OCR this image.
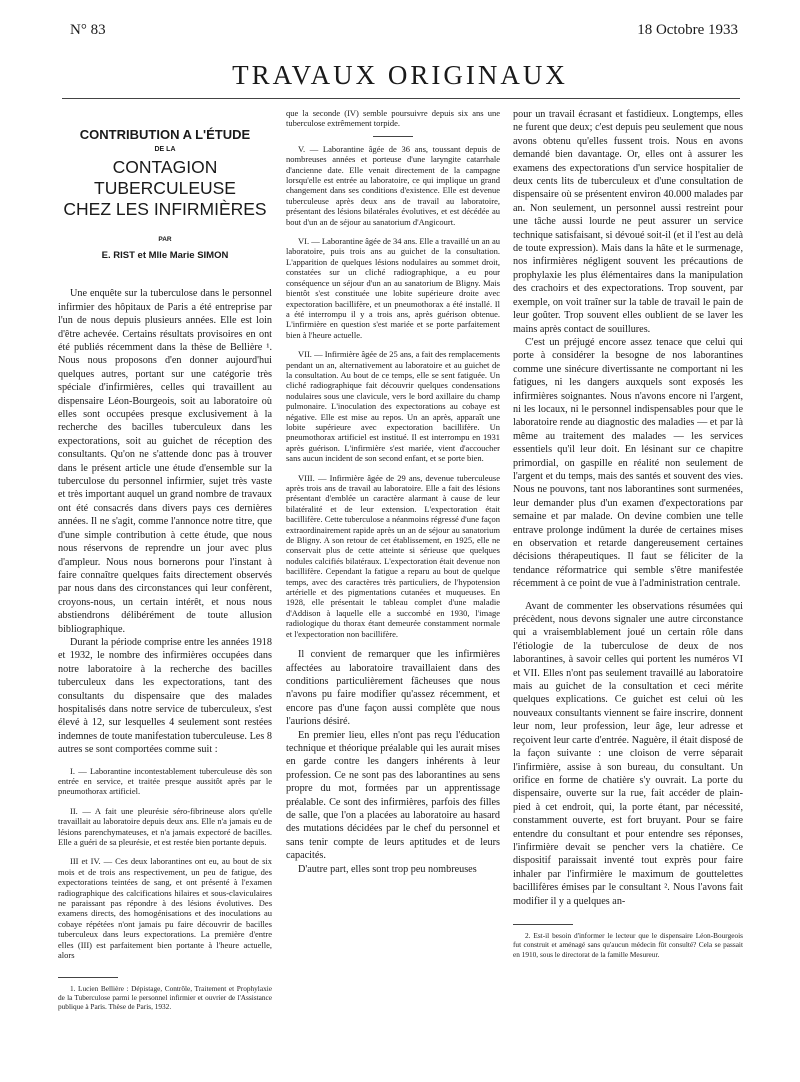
N° 83	18 Octobre 1933
TRAVAUX ORIGINAUX
CONTRIBUTION A L'ÉTUDE
DE LA
CONTAGION TUBERCULEUSE
CHEZ LES INFIRMIÈRES
PAR
E. RIST et Mlle Marie SIMON

Une enquête sur la tuberculose dans le personnel infirmier des hôpitaux de Paris a été entreprise par l'un de nous depuis plusieurs années. Elle est loin d'être achevée. Certains résultats provisoires en ont été publiés récemment dans la thèse de Bellière ¹. Nous nous proposons d'en donner aujourd'hui quelques autres, portant sur une catégorie très spéciale d'infirmières, celles qui travaillent au dispensaire Léon-Bourgeois, soit au laboratoire où elles sont occupées presque exclusivement à la recherche des bacilles tuberculeux dans les expectorations, soit au guichet de réception des consultants. Qu'on ne s'attende donc pas à trouver dans le présent article une étude d'ensemble sur la tuberculose du personnel infirmier, sujet très vaste et très important auquel un grand nombre de travaux ont été consacrés dans divers pays ces dernières années. Il ne s'agit, comme l'annonce notre titre, que d'une simple contribution à cette étude, que nous nous réservons de reprendre un jour avec plus d'ampleur. Nous nous bornerons pour l'instant à faire connaître quelques faits directement observés par nous dans des circonstances qui leur confèrent, croyons-nous, un certain intérêt, et nous nous abstiendrons délibérément de toute allusion bibliographique.

Durant la période comprise entre les années 1918 et 1932, le nombre des infirmières occupées dans notre laboratoire à la recherche des bacilles tuberculeux dans les expectorations, tant des consultants du dispensaire que des malades hospitalisés dans notre service de tuberculeux, s'est élevé à 12, sur lesquelles 4 seulement sont restées indemnes de toute manifestation tuberculeuse. Les 8 autres se sont comportées comme suit :

I. — Laborantine incontestablement tuberculeuse dès son entrée en service, et traitée presque aussitôt après par le pneumothorax artificiel.

II. — A fait une pleurésie séro-fibrineuse alors qu'elle travaillait au laboratoire depuis deux ans. Elle n'a jamais eu de lésions parenchymateuses, et n'a jamais expectoré de bacilles. Elle a guéri de sa pleurésie, et est restée bien portante depuis.

III et IV. — Ces deux laborantines ont eu, au bout de six mois et de trois ans respectivement, un peu de fatigue, des expectorations teintées de sang, et ont présenté à l'examen radiographique des calcifications hilaires et sous-claviculaires ne paraissant pas répondre à des lésions évolutives. Des examens directs, des homogénisations et des inoculations au cobaye répétées n'ont jamais pu faire découvrir de bacilles tuberculeux dans leurs expectorations. La première d'entre elles (III) est parfaitement bien portante à l'heure actuelle, alors

1. Lucien Bellière : Dépistage, Contrôle, Traitement et Prophylaxie de la Tuberculose parmi le personnel infirmier et ouvrier de l'Assistance publique à Paris. Thèse de Paris, 1932.

que la seconde (IV) semble poursuivre depuis six ans une tuberculose extrêmement torpide.

V. — Laborantine âgée de 36 ans, toussant depuis de nombreuses années et porteuse d'une laryngite catarrhale d'ancienne date. Elle venait directement de la campagne lorsqu'elle est entrée au laboratoire, ce qui implique un grand changement dans ses conditions d'existence. Elle est devenue tuberculeuse après deux ans de travail au laboratoire, présentant des lésions bilatérales évolutives, et est décédée au bout d'un an de séjour au sanatorium d'Angicourt.

VI. — Laborantine âgée de 34 ans. Elle a travaillé un an au laboratoire, puis trois ans au guichet de la consultation. L'apparition de quelques lésions nodulaires au sommet droit, constatées sur un cliché radiographique, a eu pour conséquence un séjour d'un an au sanatorium de Bligny. Mais bientôt s'est constituée une lobite supérieure droite avec expectoration bacillifère, et un pneumothorax a été installé. Il a été interrompu il y a trois ans, après guérison obtenue. L'infirmière en question s'est mariée et se porte parfaitement bien à l'heure actuelle.

VII. — Infirmière âgée de 25 ans, a fait des remplacements pendant un an, alternativement au laboratoire et au guichet de la consultation. Au bout de ce temps, elle se sent fatiguée. Un cliché radiographique fait découvrir quelques condensations nodulaires sous une clavicule, vers le bord axillaire du champ pulmonaire. L'inoculation des expectorations au cobaye est négative. Elle est mise au repos. Un an après, apparaît une lobite supérieure avec expectoration bacillifère. Un pneumothorax artificiel est institué. Il est interrompu en 1931 après guérison. L'infirmière s'est mariée, vient d'accoucher sans aucun incident de son second enfant, et se porte bien.

VIII. — Infirmière âgée de 29 ans, devenue tuberculeuse après trois ans de travail au laboratoire. Elle a fait des lésions présentant d'emblée un caractère alarmant à cause de leur bilatéralité et de leur extension. L'expectoration était bacillifère. Cette tuberculose a néanmoins régressé d'une façon extraordinairement rapide après un an de séjour au sanatorium de Bligny. A son retour de cet établissement, en 1925, elle ne conservait plus de cette atteinte si sérieuse que quelques nodules calcifiés bilatéraux. L'expectoration était devenue non bacillifère. Cependant la fatigue a reparu au bout de quelque temps, avec des caractères très particuliers, de l'hypotension artérielle et des pigmentations cutanées et muqueuses. En 1928, elle présentait le tableau complet d'une maladie d'Addison à laquelle elle a succombé en 1930, l'image radiologique du thorax étant demeurée constamment normale et l'expectoration non bacillifère.

Il convient de remarquer que les infirmières affectées au laboratoire travaillaient dans des conditions particulièrement fâcheuses que nous n'avons pu faire modifier qu'assez récemment, et encore pas d'une façon aussi complète que nous l'aurions désiré.

En premier lieu, elles n'ont pas reçu l'éducation technique et théorique préalable qui les aurait mises en garde contre les dangers inhérents à leur profession. Ce ne sont pas des laborantines au sens propre du mot, formées par un apprentissage préalable. Ce sont des infirmières, parfois des filles de salle, que l'on a placées au laboratoire au hasard des mutations décidées par le chef du personnel et sans tenir compte de leurs aptitudes et de leurs capacités.

D'autre part, elles sont trop peu nombreuses

pour un travail écrasant et fastidieux. Longtemps, elles ne furent que deux; c'est depuis peu seulement que nous avons obtenu qu'elles fussent trois. Nous en avons demandé bien davantage. Or, elles ont à assurer les examens des expectorations d'un service hospitalier de deux cents lits de tuberculeux et d'une consultation de dispensaire où se présentent environ 40.000 malades par an. Non seulement, un personnel aussi restreint pour une tâche aussi lourde ne peut assurer un service technique satisfaisant, si dévoué soit-il (et il l'est au delà de toute expression). Mais dans la hâte et le surmenage, nos infirmières négligent souvent les précautions de prophylaxie les plus élémentaires dans la manipulation des crachoirs et des expectorations. Trop souvent, par exemple, on voit traîner sur la table de travail le pain de leur goûter. Trop souvent elles oublient de se laver les mains après contact de souillures.

C'est un préjugé encore assez tenace que celui qui porte à considérer la besogne de nos laborantines comme une sinécure divertissante ne comportant ni les fatigues, ni les dangers auxquels sont exposés les infirmières soignantes. Nous n'avons encore ni l'argent, ni les locaux, ni le personnel indispensables pour que le laboratoire rende au diagnostic des maladies — et par là même au traitement des malades — les services essentiels qu'il leur doit. En lésinant sur ce chapitre primordial, on gaspille en réalité non seulement de l'argent et du temps, mais des santés et souvent des vies. Nous ne pouvons, tant nos laborantines sont surmenées, leur demander plus d'un examen d'expectorations par semaine et par malade. On devine combien une telle entrave prolonge indûment la durée de certaines mises en observation et retarde dangereusement certaines décisions thérapeutiques. Il faut se féliciter de la tendance réformatrice qui semble s'être manifestée récemment à ce point de vue à l'administration centrale.

Avant de commenter les observations résumées qui précèdent, nous devons signaler une autre circonstance qui a vraisemblablement joué un certain rôle dans l'étiologie de la tuberculose de deux de nos laborantines, à savoir celles qui portent les numéros VI et VII. Elles n'ont pas seulement travaillé au laboratoire mais au guichet de la consultation et ceci mérite quelques explications. Ce guichet est celui où les nouveaux consultants viennent se faire inscrire, donnent leur nom, leur profession, leur âge, leur adresse et reçoivent leur carte d'entrée. Naguère, il était disposé de la façon suivante : une cloison de verre séparait l'infirmière, assise à son bureau, du consultant. Un orifice en forme de chatière s'y ouvrait. La porte du dispensaire, ouverte sur la rue, fait accéder de plain-pied à cet endroit, qui, la porte étant, par nécessité, constamment ouverte, est fort bruyant. Pour se faire entendre du consultant et pour entendre ses réponses, l'infirmière devait se pencher vers la chatière. Ce dispositif paraissait inventé tout exprès pour faire inhaler par l'infirmière le maximum de gouttelettes bacillifères émises par le consultant ². Nous l'avons fait modifier il y a quelques an-

2. Est-il besoin d'informer le lecteur que le dispensaire Léon-Bourgeois fut construit et aménagé sans qu'aucun médecin fût consulté? Cela se passait en 1910, sous le directorat de la famille Mesureur.
